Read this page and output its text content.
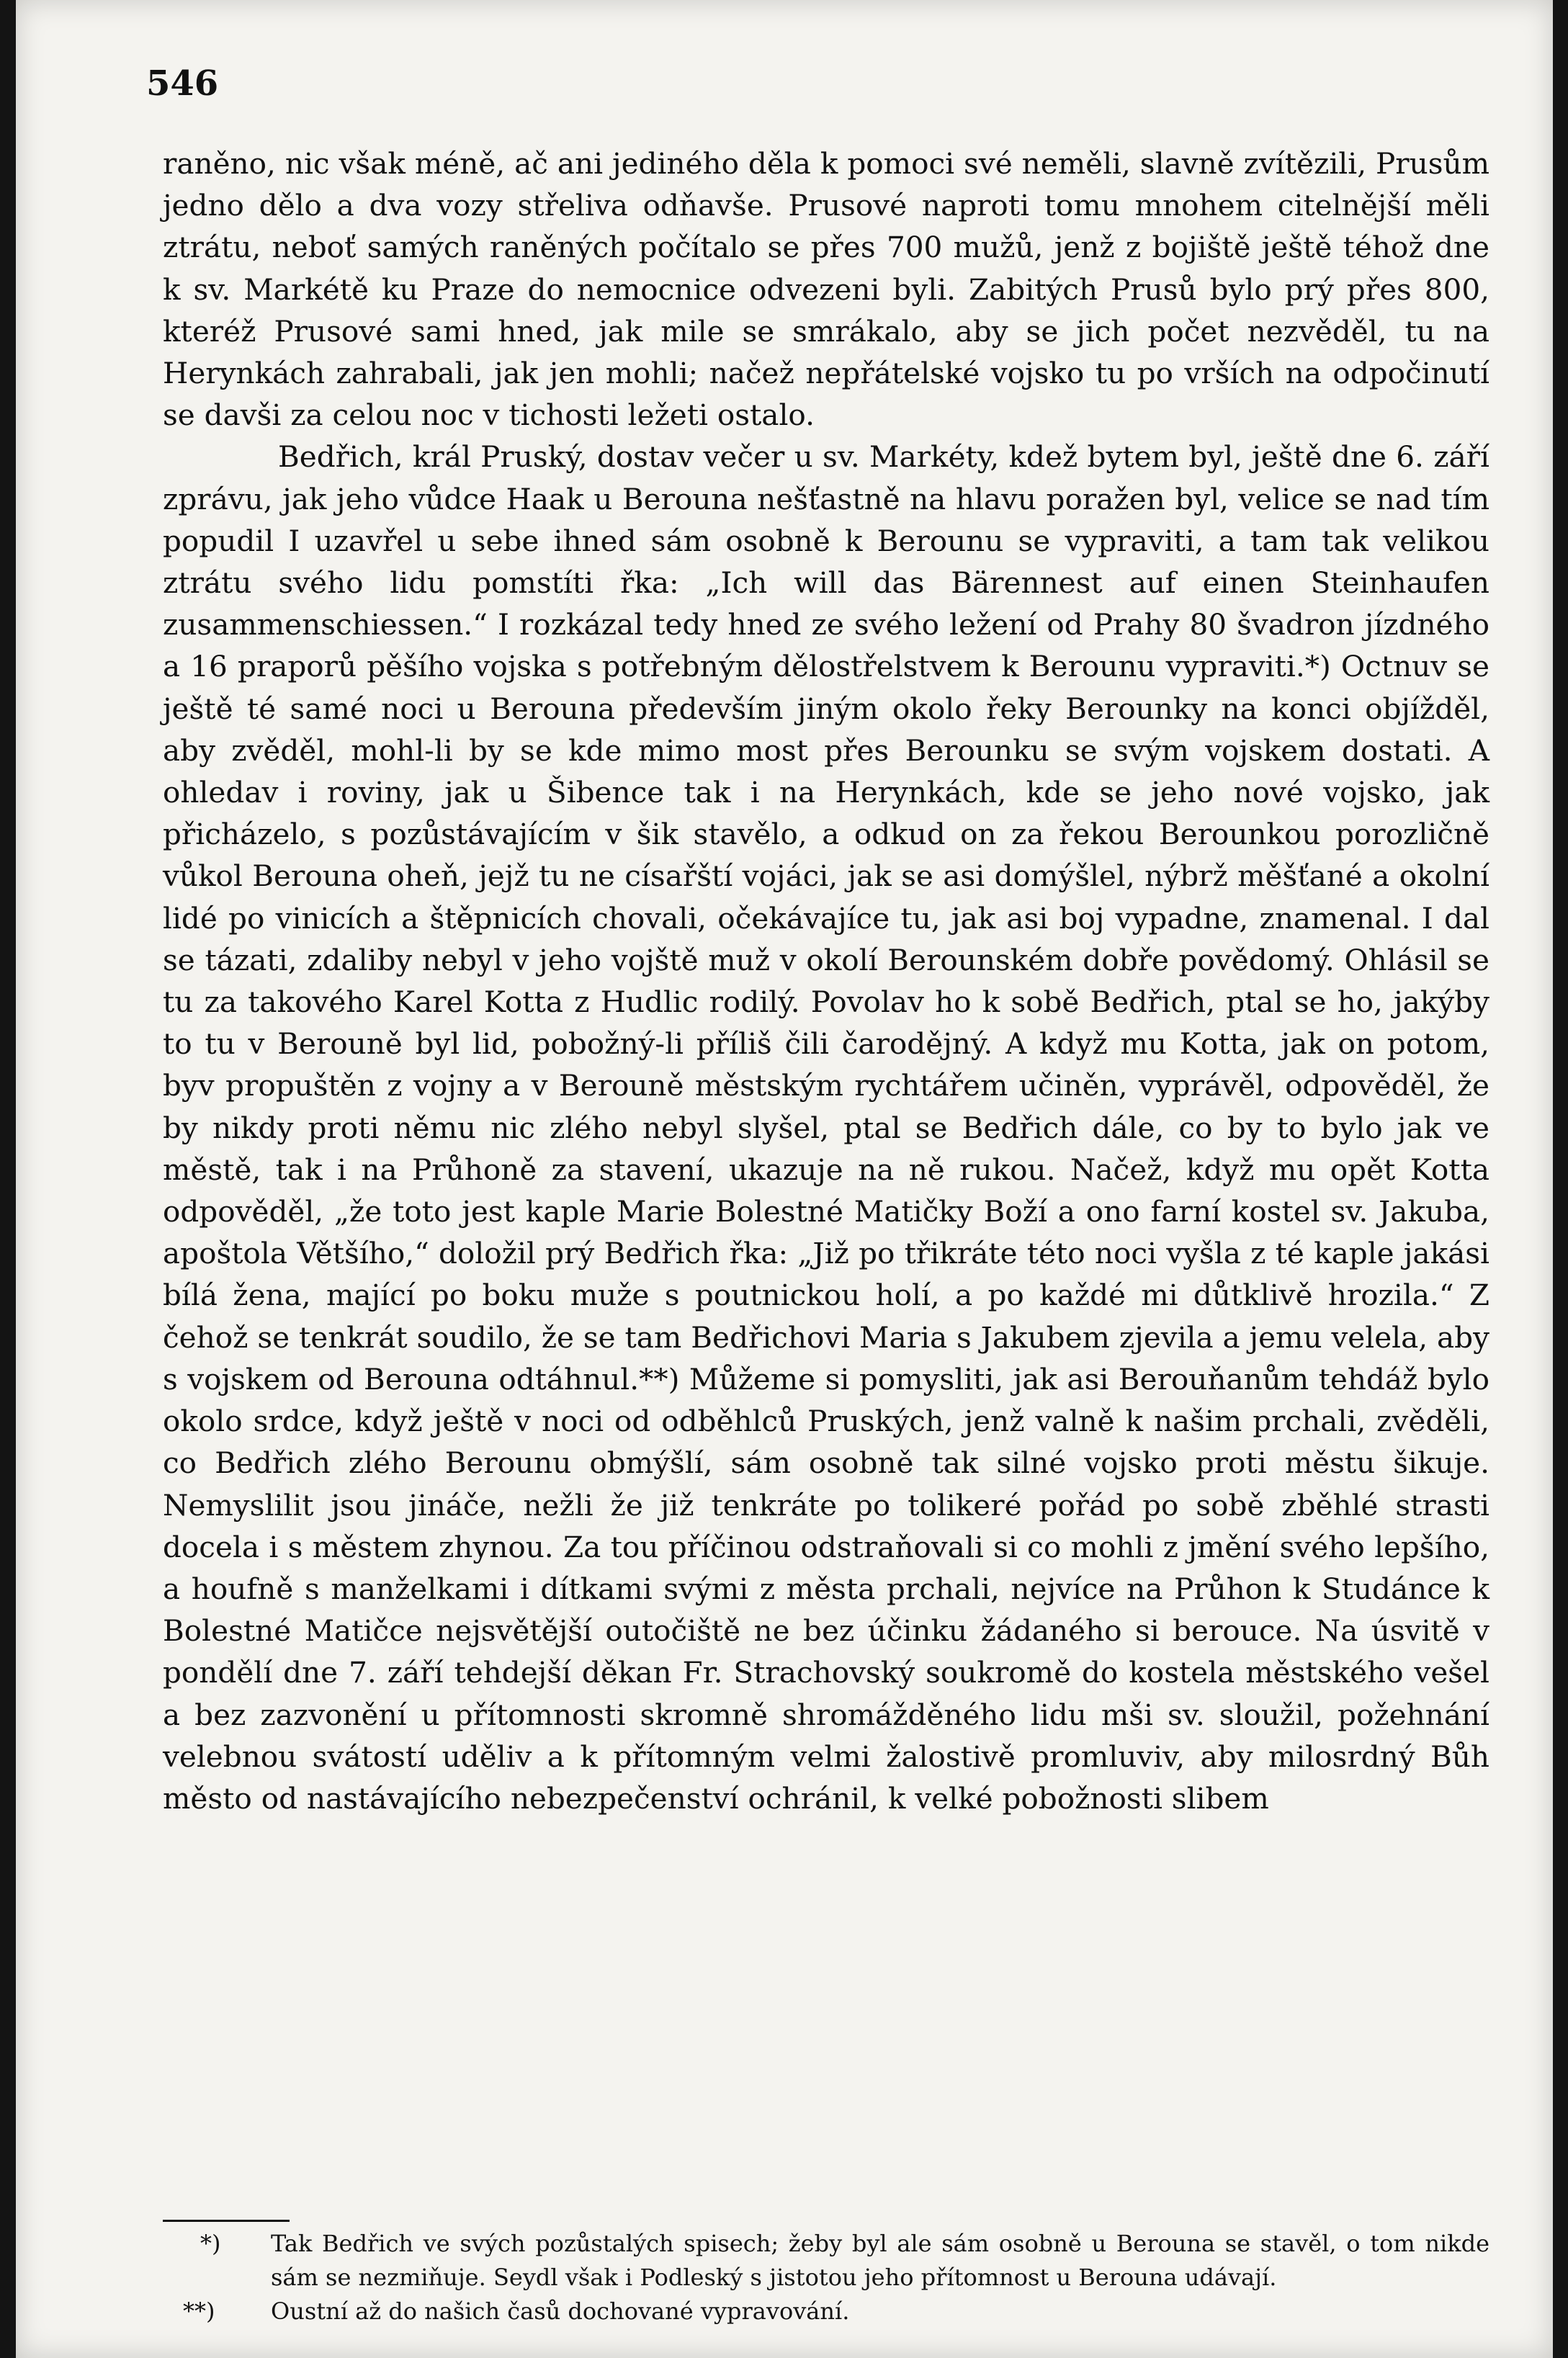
546

raněno, nic však méně, ač ani jediného děla k pomoci své neměli, slavně zvítězili, Prusům jedno dělo a dva vozy střeliva odňavše. Prusové naproti tomu mnohem citelnější měli ztrátu, neboť samých raněných počítalo se přes 700 mužů, jenž z bojiště ještě téhož dne k sv. Markétě ku Praze do nemocnice odvezeni byli. Zabitých Prusů bylo prý přes 800, kteréž Prusové sami hned, jak mile se smrákalo, aby se jich počet nezvěděl, tu na Herynkách zahrabali, jak jen mohli; načež nepřátelské vojsko tu po vrších na odpočinutí se davši za celou noc v tichosti ležeti ostalo.

Bedřich, král Pruský, dostav večer u sv. Markéty, kdež bytem byl, ještě dne 6. září zprávu, jak jeho vůdce Haak u Berouna nešťastně na hlavu poražen byl, velice se nad tím popudil I uzavřel u sebe ihned sám osobně k Berounu se vypraviti, a tam tak velikou ztrátu svého lidu pomstíti řka: „Ich will das Bärennest auf einen Steinhaufen zusammenschiessen.“ I rozkázal tedy hned ze svého ležení od Prahy 80 švadron jízdného a 16 praporů pěšího vojska s potřebným dělostřelstvem k Berounu vypraviti.*) Octnuv se ještě té samé noci u Berouna především jiným okolo řeky Berounky na konci objížděl, aby zvěděl, mohl-li by se kde mimo most přes Berounku se svým vojskem dostati. A ohledav i roviny, jak u Šibence tak i na Herynkách, kde se jeho nové vojsko, jak přicházelo, s pozůstávajícím v šik stavělo, a odkud on za řekou Berounkou porozličně vůkol Berouna oheň, jejž tu ne císařští vojáci, jak se asi domýšlel, nýbrž měšťané a okolní lidé po vinicích a štěpnicích chovali, očekávajíce tu, jak asi boj vypadne, znamenal. I dal se tázati, zdaliby nebyl v jeho vojště muž v okolí Berounském dobře povědomý. Ohlásil se tu za takového Karel Kotta z Hudlic rodilý. Povolav ho k sobě Bedřich, ptal se ho, jakýby to tu v Berouně byl lid, pobožný-li příliš čili čarodějný. A když mu Kotta, jak on potom, byv propuštěn z vojny a v Berouně městským rychtářem učiněn, vyprávěl, odpověděl, že by nikdy proti němu nic zlého nebyl slyšel, ptal se Bedřich dále, co by to bylo jak ve městě, tak i na Průhoně za stavení, ukazuje na ně rukou. Načež, když mu opět Kotta odpověděl, „že toto jest kaple Marie Bolestné Matičky Boží a ono farní kostel sv. Jakuba, apoštola Většího,“ doložil prý Bedřich řka: „Již po třikráte této noci vyšla z té kaple jakási bílá žena, mající po boku muže s poutnickou holí, a po každé mi důtklivě hrozila.“ Z čehož se tenkrát soudilo, že se tam Bedřichovi Maria s Jakubem zjevila a jemu velela, aby s vojskem od Berouna odtáhnul.**) Můžeme si pomysliti, jak asi Berouňanům tehdáž bylo okolo srdce, když ještě v noci od odběhlců Pruských, jenž valně k našim prchali, zvěděli, co Bedřich zlého Berounu obmýšlí, sám osobně tak silné vojsko proti městu šikuje. Nemyslilit jsou jináče, nežli že již tenkráte po tolikeré pořád po sobě zběhlé strasti docela i s městem zhynou. Za tou příčinou odstraňovali si co mohli z jmění svého lepšího, a houfně s manželkami i dítkami svými z města prchali, nejvíce na Průhon k Studánce k Bolestné Matičce nejsvětější outočiště ne bez účinku žádaného si berouce. Na úsvitě v pondělí dne 7. září tehdejší děkan Fr. Strachovský soukromě do kostela městského vešel a bez zazvonění u přítomnosti skromně shromážděného lidu mši sv. sloužil, požehnání velebnou svátostí uděliv a k přítomným velmi žalostivě promluviv, aby milosrdný Bůh město od nastávajícího nebezpečenství ochránil, k velké pobožnosti slibem

*) Tak Bedřich ve svých pozůstalých spisech; žeby byl ale sám osobně u Berouna se stavěl, o tom nikde sám se nezmiňuje. Seydl však i Podleský s jistotou jeho přítomnost u Berouna udávají.
**) Oustní až do našich časů dochované vypravování.
